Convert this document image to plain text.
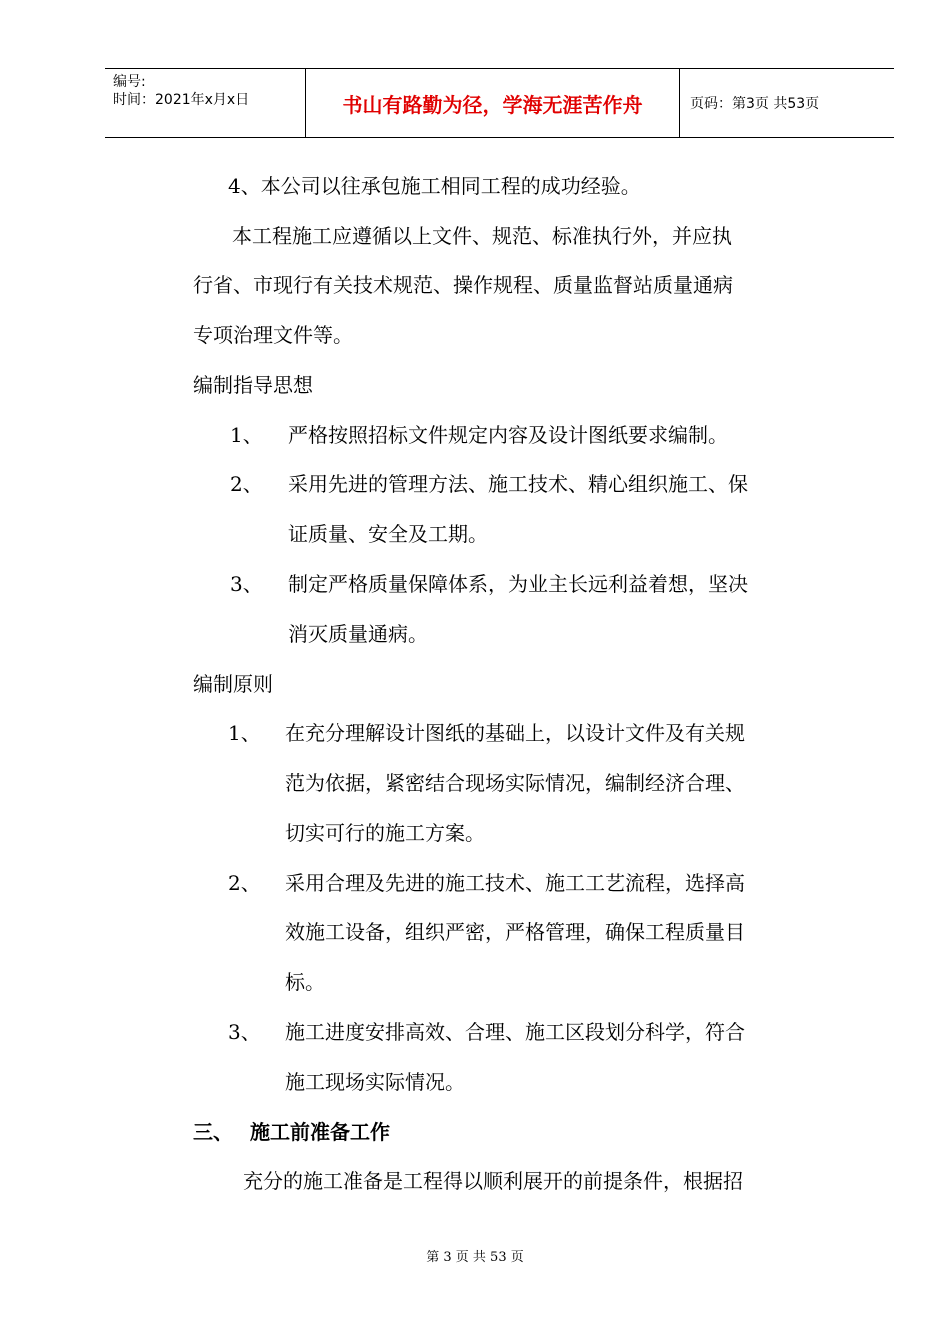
编号:
时间：2021年x月x日	书山有路勤为径，学海无涯苦作舟	页码：第3页 共53页
4、本公司以往承包施工相同工程的成功经验。
本工程施工应遵循以上文件、规范、标准执行外，并应执
行省、市现行有关技术规范、操作规程、质量监督站质量通病
专项治理文件等。
编制指导思想
1、 严格按照招标文件规定内容及设计图纸要求编制。
2、 采用先进的管理方法、施工技术、精心组织施工、保
证质量、安全及工期。
3、 制定严格质量保障体系，为业主长远利益着想，坚决
消灭质量通病。
编制原则
1、 在充分理解设计图纸的基础上，以设计文件及有关规
范为依据，紧密结合现场实际情况，编制经济合理、
切实可行的施工方案。
2、 采用合理及先进的施工技术、施工工艺流程，选择高
效施工设备，组织严密，严格管理，确保工程质量目
标。
3、 施工进度安排高效、合理、施工区段划分科学，符合
施工现场实际情况。
三、 施工前准备工作
充分的施工准备是工程得以顺利展开的前提条件，根据招
第 3 页 共 53 页
